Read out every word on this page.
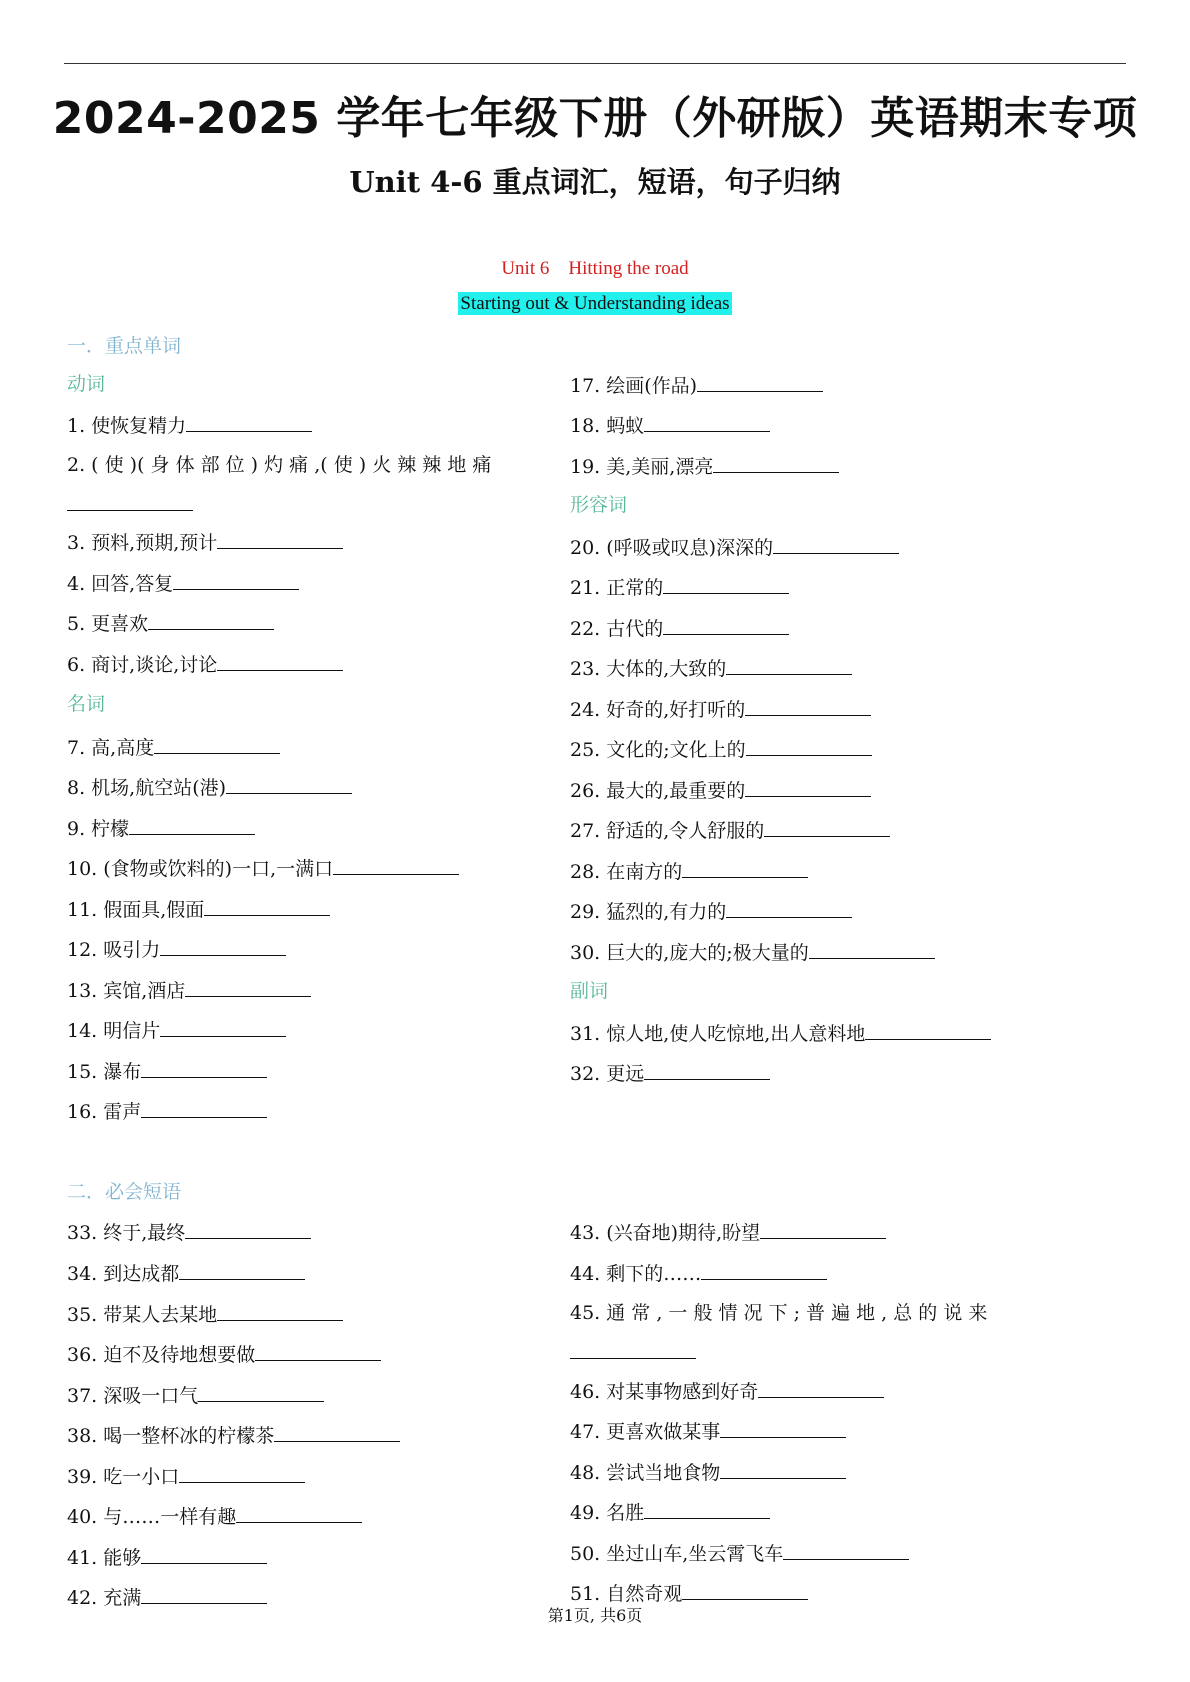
2024-2025 学年七年级下册（外研版）英语期末专项
Unit 4-6 重点词汇，短语，句子归纳
Unit 6    Hitting the road
Starting out & Understanding ideas
一．重点单词
动词
1. 使恢复精力
2. ( 使 )( 身 体 部 位 ) 灼 痛 ,( 使 ) 火 辣 辣 地 痛
3. 预料,预期,预计
4. 回答,答复
5. 更喜欢
6. 商讨,谈论,讨论
名词
7. 高,高度
8. 机场,航空站(港)
9. 柠檬
10. (食物或饮料的)一口,一满口
11. 假面具,假面
12. 吸引力
13. 宾馆,酒店
14. 明信片
15. 瀑布
16. 雷声
17. 绘画(作品)
18. 蚂蚁
19. 美,美丽,漂亮
形容词
20. (呼吸或叹息)深深的
21. 正常的
22. 古代的
23. 大体的,大致的
24. 好奇的,好打听的
25. 文化的;文化上的
26. 最大的,最重要的
27. 舒适的,令人舒服的
28. 在南方的
29. 猛烈的,有力的
30. 巨大的,庞大的;极大量的
副词
31. 惊人地,使人吃惊地,出人意料地
32. 更远
二．必会短语
33. 终于,最终
34. 到达成都
35. 带某人去某地
36. 迫不及待地想要做
37. 深吸一口气
38. 喝一整杯冰的柠檬茶
39. 吃一小口
40. 与……一样有趣
41. 能够
42. 充满
43. (兴奋地)期待,盼望
44. 剩下的……
45. 通 常 , 一 般 情 况 下 ; 普 遍 地 , 总 的 说 来
46. 对某事物感到好奇
47. 更喜欢做某事
48. 尝试当地食物
49. 名胜
50. 坐过山车,坐云霄飞车
51. 自然奇观
第1页, 共6页
